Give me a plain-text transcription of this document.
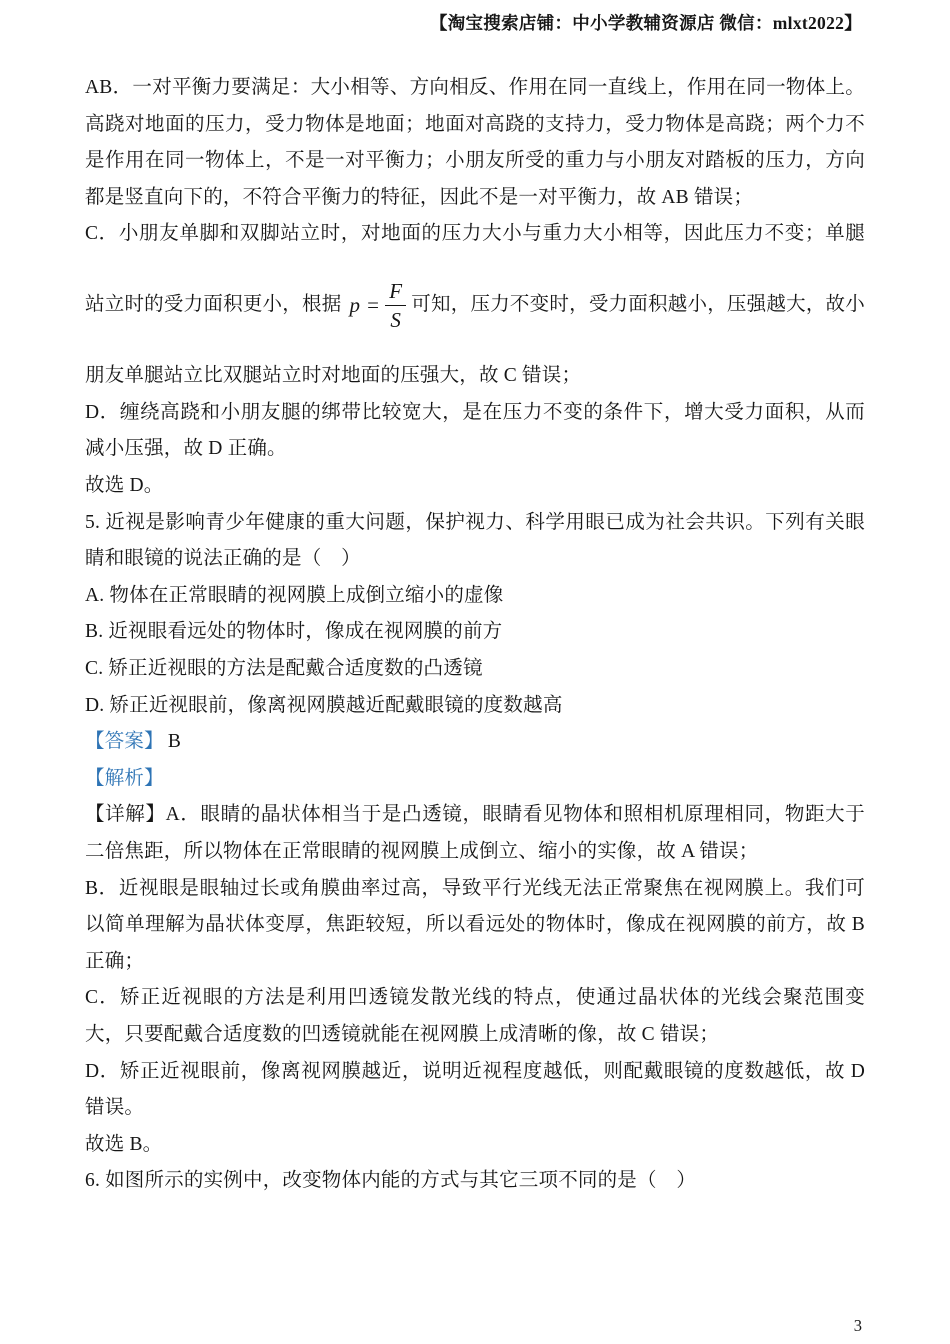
【淘宝搜索店铺：中小学教辅资源店 微信：mlxt2022】

AB．一对平衡力要满足：大小相等、方向相反、作用在同一直线上，作用在同一物体上。高跷对地面的压力，受力物体是地面；地面对高跷的支持力，受力物体是高跷；两个力不是作用在同一物体上，不是一对平衡力；小朋友所受的重力与小朋友对踏板的压力，方向都是竖直向下的，不符合平衡力的特征，因此不是一对平衡力，故 AB 错误；

C．小朋友单脚和双脚站立时，对地面的压力大小与重力大小相等，因此压力不变；单腿站立时的受力面积更小，根据 $p = \frac{F}{S}$ 可知，压力不变时，受力面积越小，压强越大，故小朋友单腿站立比双腿站立时对地面的压强大，故 C 错误；

D．缠绕高跷和小朋友腿的绑带比较宽大，是在压力不变的条件下，增大受力面积，从而减小压强，故 D 正确。

故选 D。

5. 近视是影响青少年健康的重大问题，保护视力、科学用眼已成为社会共识。下列有关眼睛和眼镜的说法正确的是（　）

A. 物体在正常眼睛的视网膜上成倒立缩小的虚像

B. 近视眼看远处的物体时，像成在视网膜的前方

C. 矫正近视眼的方法是配戴合适度数的凸透镜

D. 矫正近视眼前，像离视网膜越近配戴眼镜的度数越高

【答案】 B

【解析】

【详解】A．眼睛的晶状体相当于是凸透镜，眼睛看见物体和照相机原理相同，物距大于二倍焦距，所以物体在正常眼睛的视网膜上成倒立、缩小的实像，故 A 错误；

B．近视眼是眼轴过长或角膜曲率过高，导致平行光线无法正常聚焦在视网膜上。我们可以简单理解为晶状体变厚，焦距较短，所以看远处的物体时，像成在视网膜的前方，故 B 正确；

C．矫正近视眼的方法是利用凹透镜发散光线的特点，使通过晶状体的光线会聚范围变大，只要配戴合适度数的凹透镜就能在视网膜上成清晰的像，故 C 错误；

D．矫正近视眼前，像离视网膜越近，说明近视程度越低，则配戴眼镜的度数越低，故 D 错误。

故选 B。

6. 如图所示的实例中，改变物体内能的方式与其它三项不同的是（　）

3
